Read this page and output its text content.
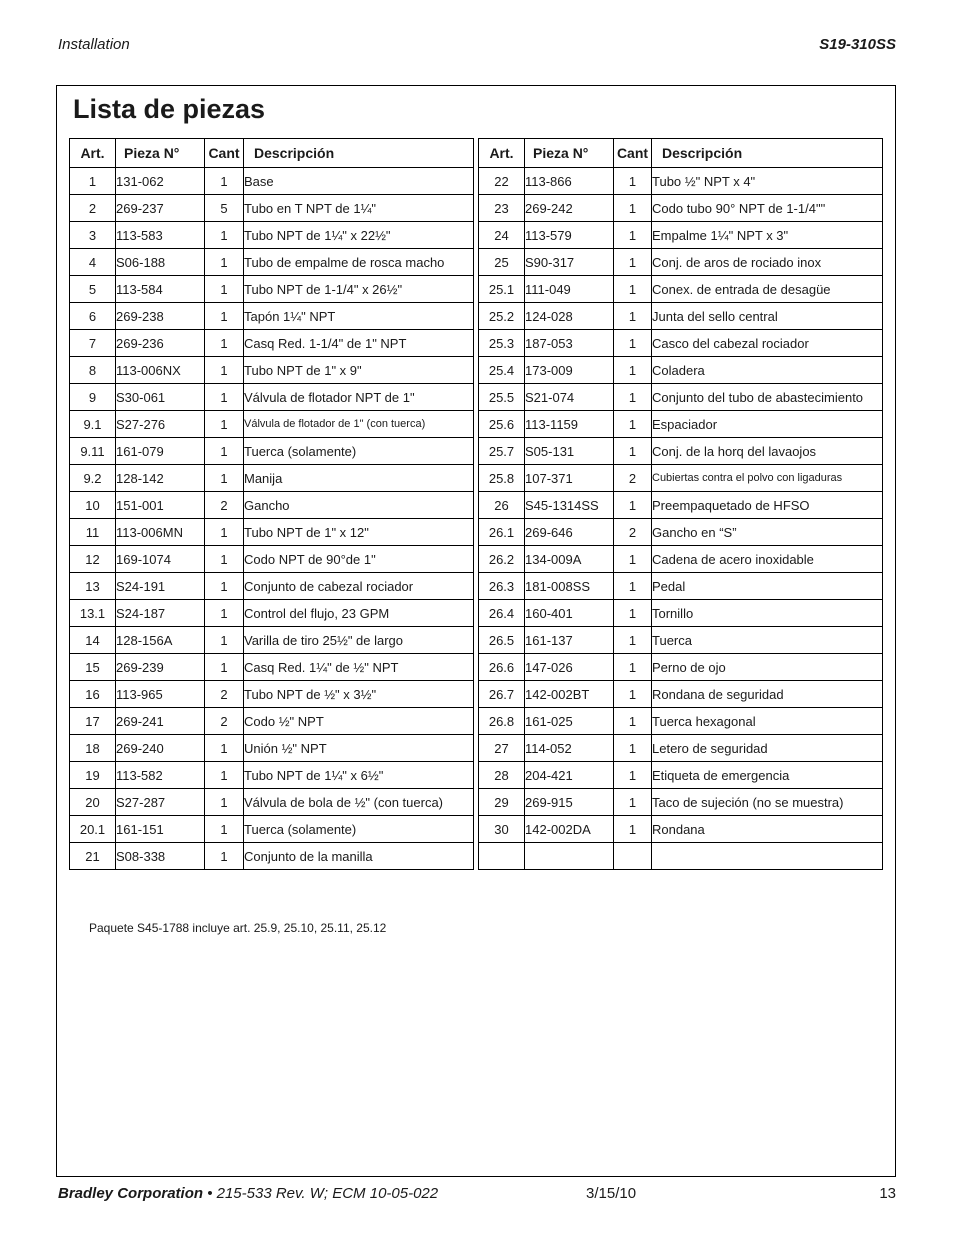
Installation	S19-310SS
Lista de piezas
Art.	Pieza N°	Cant	Descripción
1	131-062	1	Base
2	269-237	5	Tubo en T NPT de 1¼"
3	113-583	1	Tubo NPT de 1¼" x 22½"
4	S06-188	1	Tubo de empalme de rosca macho
5	113-584	1	Tubo NPT de 1-1/4" x 26½"
6	269-238	1	Tapón 1¼" NPT
7	269-236	1	Casq Red. 1-1/4" de 1" NPT
8	113-006NX	1	Tubo NPT de 1" x 9"
9	S30-061	1	Válvula de flotador NPT de 1"
9.1	S27-276	1	Válvula de flotador de 1" (con tuerca)
9.11	161-079	1	Tuerca (solamente)
9.2	128-142	1	Manija
10	151-001	2	Gancho
11	113-006MN	1	Tubo NPT de 1" x 12"
12	169-1074	1	Codo NPT de 90°de 1"
13	S24-191	1	Conjunto de cabezal rociador
13.1	S24-187	1	Control del flujo, 23 GPM
14	128-156A	1	Varilla de tiro 25½" de largo
15	269-239	1	Casq Red. 1¼" de ½" NPT
16	113-965	2	Tubo NPT de ½" x 3½"
17	269-241	2	Codo ½" NPT
18	269-240	1	Unión ½" NPT
19	113-582	1	Tubo NPT de 1¼" x 6½"
20	S27-287	1	Válvula de bola de ½" (con tuerca)
20.1	161-151	1	Tuerca (solamente)
21	S08-338	1	Conjunto de la manilla
Art.	Pieza N°	Cant	Descripción
22	113-866	1	Tubo ½" NPT x 4"
23	269-242	1	Codo tubo 90° NPT de 1-1/4""
24	113-579	1	Empalme 1¼" NPT x 3"
25	S90-317	1	Conj. de aros de rociado inox
25.1	111-049	1	Conex. de entrada de desagüe
25.2	124-028	1	Junta del sello central
25.3	187-053	1	Casco del cabezal rociador
25.4	173-009	1	Coladera
25.5	S21-074	1	Conjunto del tubo de abastecimiento
25.6	113-1159	1	Espaciador
25.7	S05-131	1	Conj. de la horq del lavaojos
25.8	107-371	2	Cubiertas contra el polvo con ligaduras
26	S45-1314SS	1	Preempaquetado de HFSO
26.1	269-646	2	Gancho en “S”
26.2	134-009A	1	Cadena de acero inoxidable
26.3	181-008SS	1	Pedal
26.4	160-401	1	Tornillo
26.5	161-137	1	Tuerca
26.6	147-026	1	Perno de ojo
26.7	142-002BT	1	Rondana de seguridad
26.8	161-025	1	Tuerca hexagonal
27	114-052	1	Letero de seguridad
28	204-421	1	Etiqueta de emergencia
29	269-915	1	Taco de sujeción (no se muestra)
30	142-002DA	1	Rondana

Paquete S45-1788 incluye art. 25.9, 25.10, 25.11, 25.12
Bradley Corporation • 215-533 Rev. W; ECM 10-05-022	3/15/10	13
